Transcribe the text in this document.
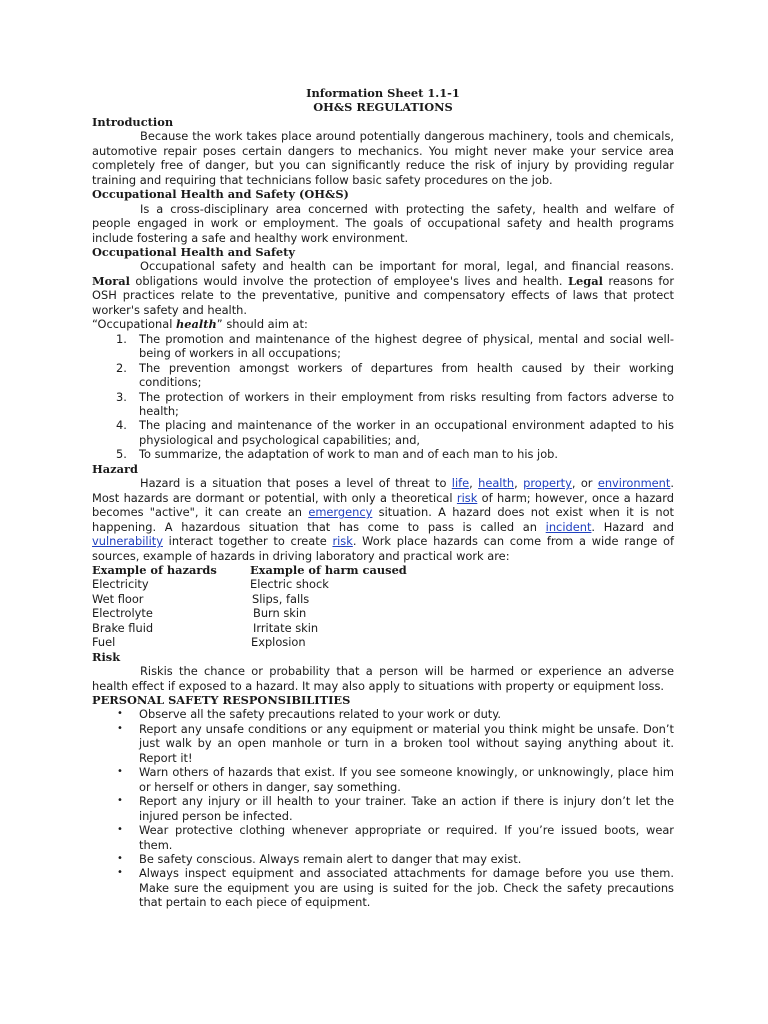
Information Sheet 1.1-1
OH&S REGULATIONS
Introduction

Because the work takes place around potentially dangerous machinery, tools and chemicals, automotive repair poses certain dangers to mechanics. You might never make your service area completely free of danger, but you can significantly reduce the risk of injury by providing regular training and requiring that technicians follow basic safety procedures on the job.

Occupational Health and Safety (OH&S)

Is a cross-disciplinary area concerned with protecting the safety, health and welfare of people engaged in work or employment. The goals of occupational safety and health programs include fostering a safe and healthy work environment.

Occupational Health and Safety

Occupational safety and health can be important for moral, legal, and financial reasons. Moral obligations would involve the protection of employee's lives and health. Legal reasons for OSH practices relate to the preventative, punitive and compensatory effects of laws that protect worker's safety and health.

“Occupational health” should aim at:
1. The promotion and maintenance of the highest degree of physical, mental and social well-being of workers in all occupations;
2. The prevention amongst workers of departures from health caused by their working conditions;
3. The protection of workers in their employment from risks resulting from factors adverse to health;
4. The placing and maintenance of the worker in an occupational environment adapted to his physiological and psychological capabilities; and,
5. To summarize, the adaptation of work to man and of each man to his job.
Hazard

Hazard is a situation that poses a level of threat to life, health, property, or environment. Most hazards are dormant or potential, with only a theoretical risk of harm; however, once a hazard becomes "active", it can create an emergency situation. A hazard does not exist when it is not happening. A hazardous situation that has come to pass is called an incident. Hazard and vulnerability interact together to create risk. Work place hazards can come from a wide range of sources, example of hazards in driving laboratory and practical work are:

Example of hazards	Example of harm caused
Electricity	Electric shock
Wet floor	Slips, falls
Electrolyte	Burn skin
Brake fluid	Irritate skin
Fuel	Explosion
Risk

Riskis the chance or probability that a person will be harmed or experience an adverse health effect if exposed to a hazard. It may also apply to situations with property or equipment loss.

PERSONAL SAFETY RESPONSIBILITIES
• Observe all the safety precautions related to your work or duty.
• Report any unsafe conditions or any equipment or material you think might be unsafe. Don’t just walk by an open manhole or turn in a broken tool without saying anything about it. Report it!
• Warn others of hazards that exist. If you see someone knowingly, or unknowingly, place him or herself or others in danger, say something.
• Report any injury or ill health to your trainer. Take an action if there is injury don’t let the injured person be infected.
• Wear protective clothing whenever appropriate or required. If you’re issued boots, wear them.
• Be safety conscious. Always remain alert to danger that may exist.
• Always inspect equipment and associated attachments for damage before you use them. Make sure the equipment you are using is suited for the job. Check the safety precautions that pertain to each piece of equipment.
